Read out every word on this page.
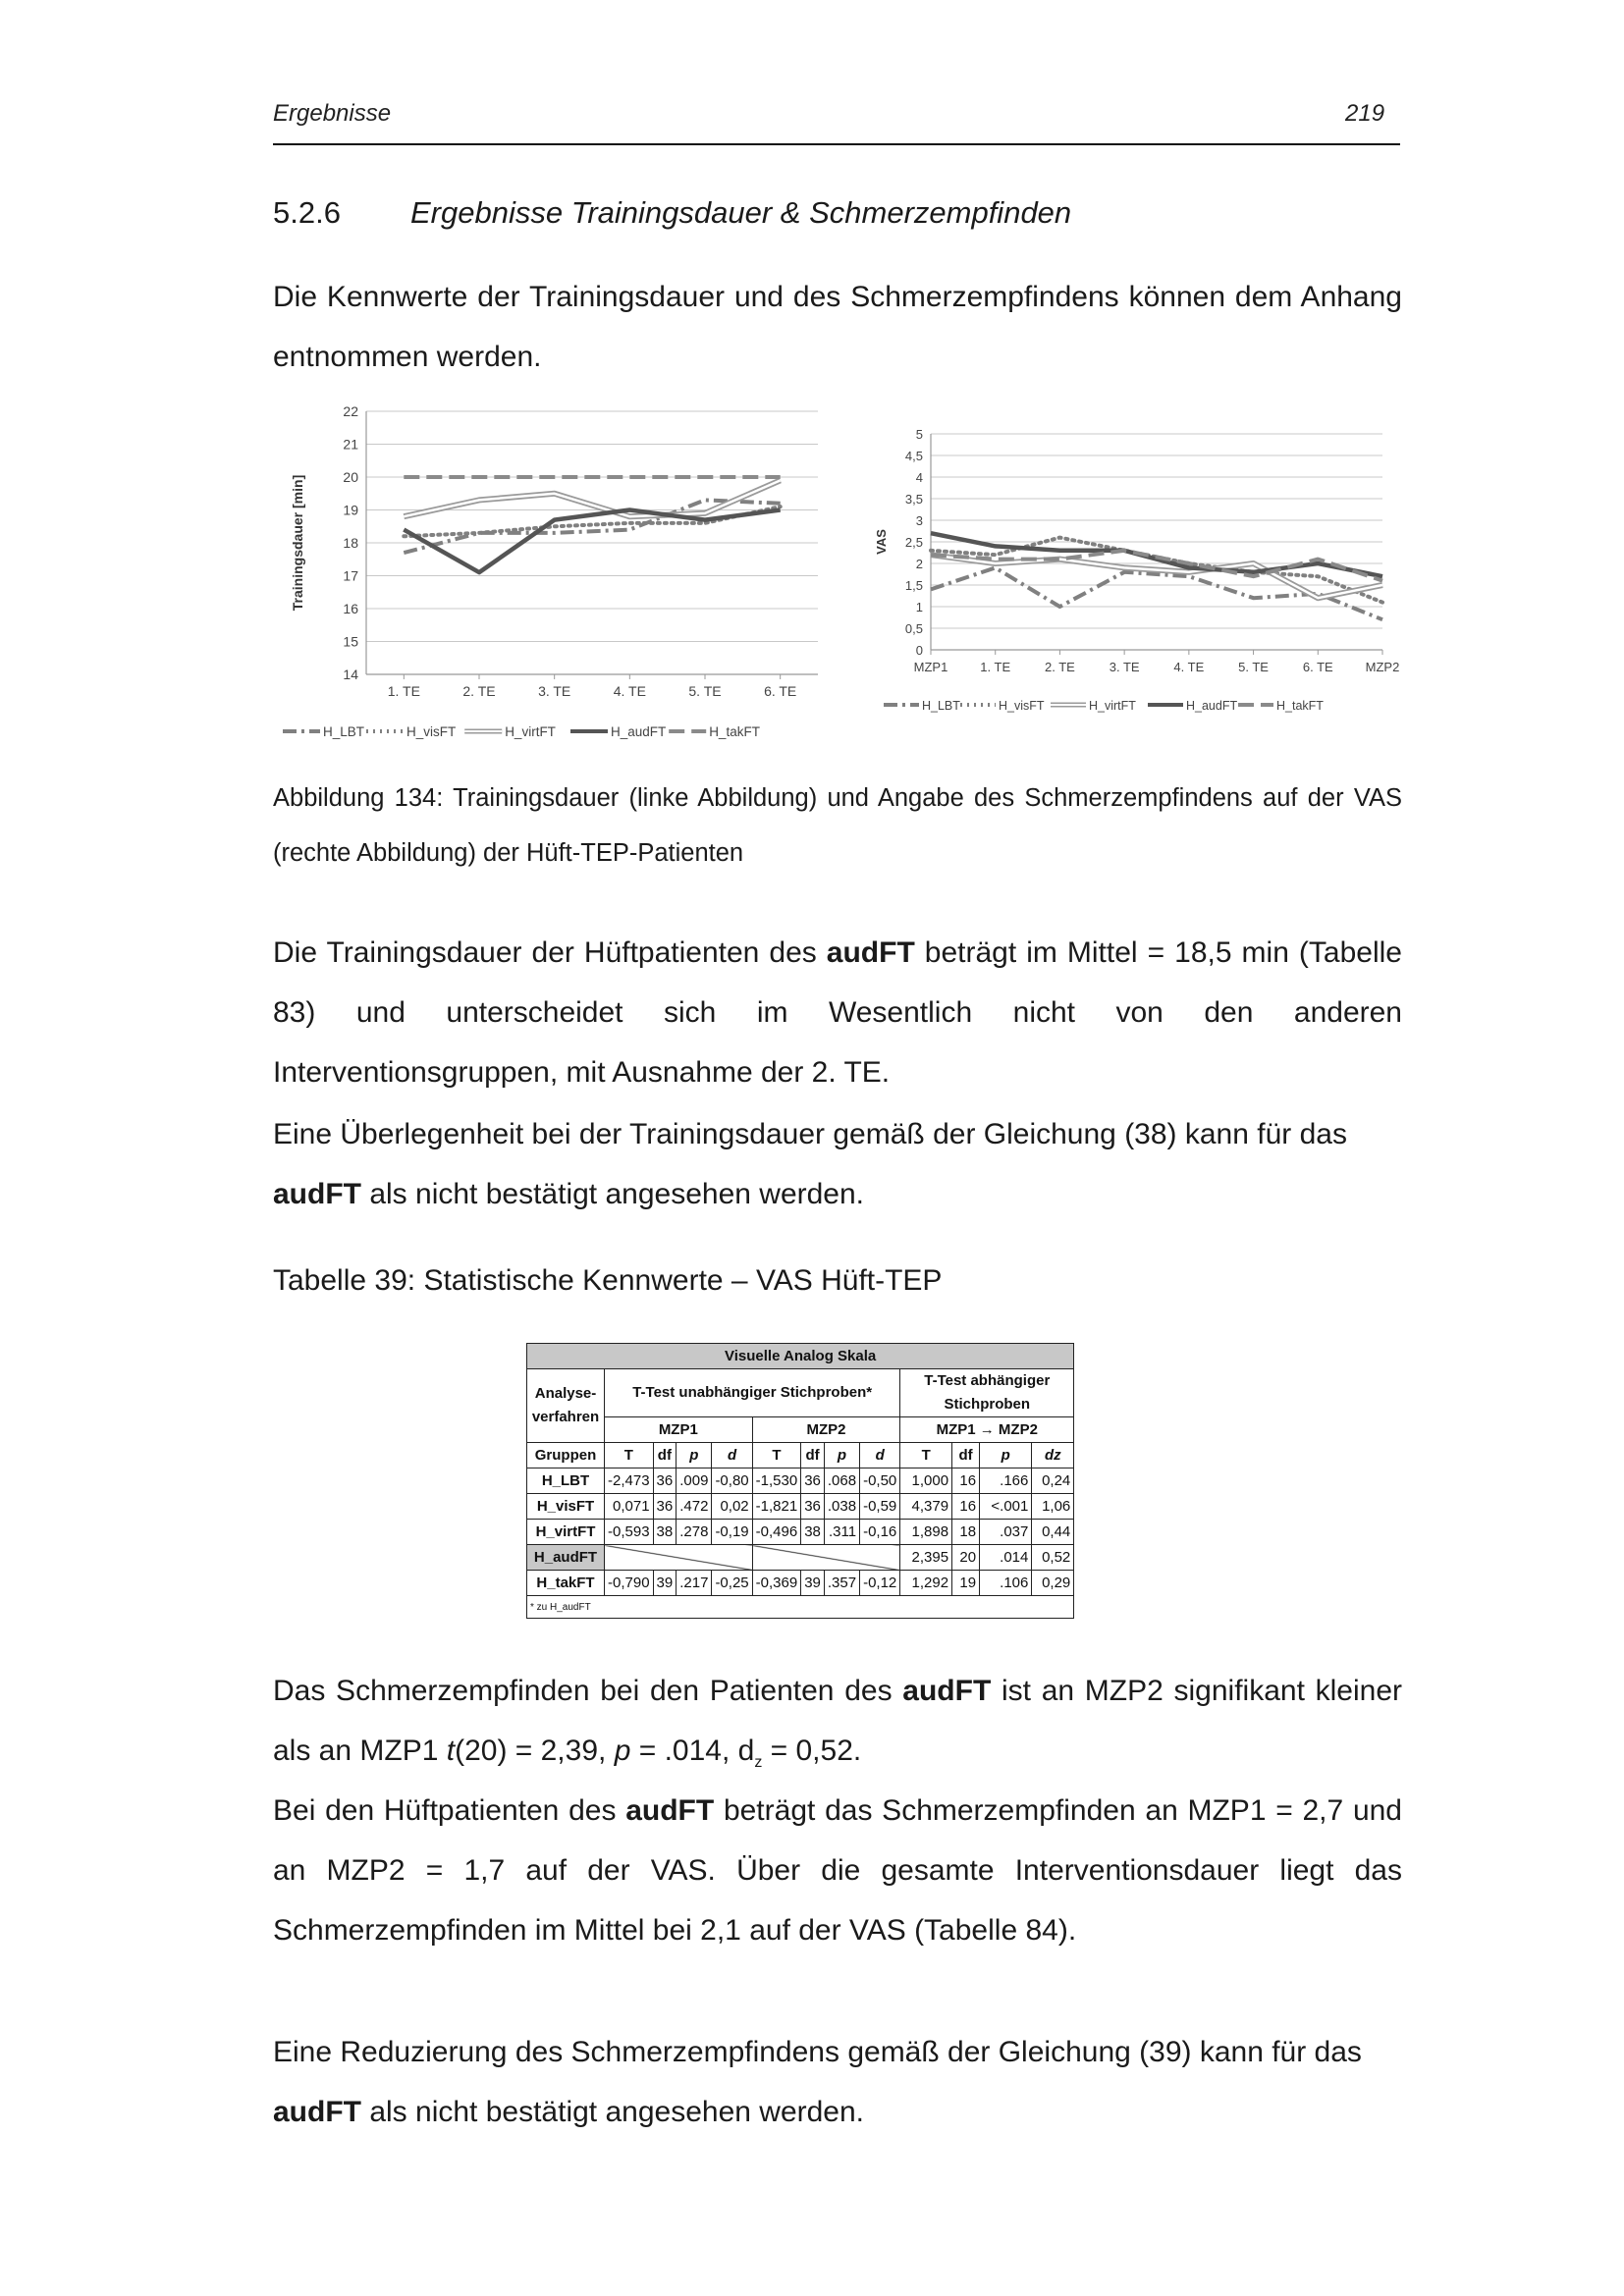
Ergebnisse	219
5.2.6 Ergebnisse Trainingsdauer & Schmerzempfinden
Die Kennwerte der Trainingsdauer und des Schmerzempfindens können dem Anhang entnommen werden.
14
15
16
17
18
19
20
21
22
1. TE	2. TE	3. TE	4. TE	5. TE	6. TE
Trainingsdauer [min]
H_LBT	H_visFT	H_virtFT	H_audFT	H_takFT
0
0,5
1
1,5
2
2,5
3
3,5
4
4,5
5
MZP1	1. TE	2. TE	3. TE	4. TE	5. TE	6. TE	MZP2
VAS
H_LBT	H_visFT	H_virtFT	H_audFT	H_takFT
Abbildung 134: Trainingsdauer (linke Abbildung) und Angabe des Schmerzempfindens auf der VAS (rechte Abbildung) der Hüft-TEP-Patienten
Die Trainingsdauer der Hüftpatienten des audFT beträgt im Mittel = 18,5 min (Tabelle 83) und unterscheidet sich im Wesentlich nicht von den anderen Interventionsgruppen, mit Ausnahme der 2. TE.
Eine Überlegenheit bei der Trainingsdauer gemäß der Gleichung (38) kann für das audFT als nicht bestätigt angesehen werden.
Tabelle 39: Statistische Kennwerte – VAS Hüft-TEP
Visuelle Analog Skala												
Analyse-verfahren	T-Test unabhängiger Stichproben*								T-Test abhängiger Stichproben			
	MZP1				MZP2				MZP1 → MZP2			
Gruppen	T	df	p	d	T	df	p	d	T	df	p	dz
H_LBT	-2,473	36	.009	-0,80	-1,530	36	.068	-0,50	1,000	16	.166	0,24
H_visFT	0,071	36	.472	0,02	-1,821	36	.038	-0,59	4,379	16	<.001	1,06
H_virtFT	-0,593	38	.278	-0,19	-0,496	38	.311	-0,16	1,898	18	.037	0,44
H_audFT									2,395	20	.014	0,52
H_takFT	-0,790	39	.217	-0,25	-0,369	39	.357	-0,12	1,292	19	.106	0,29
* zu H_audFT												
Das Schmerzempfinden bei den Patienten des audFT ist an MZP2 signifikant kleiner als an MZP1 t(20) = 2,39, p = .014, $d_z = 0,52$.
Bei den Hüftpatienten des audFT beträgt das Schmerzempfinden an MZP1 = 2,7 und an MZP2 = 1,7 auf der VAS. Über die gesamte Interventionsdauer liegt das Schmerzempfinden im Mittel bei 2,1 auf der VAS (Tabelle 84).
Eine Reduzierung des Schmerzempfindens gemäß der Gleichung (39) kann für das audFT als nicht bestätigt angesehen werden.
